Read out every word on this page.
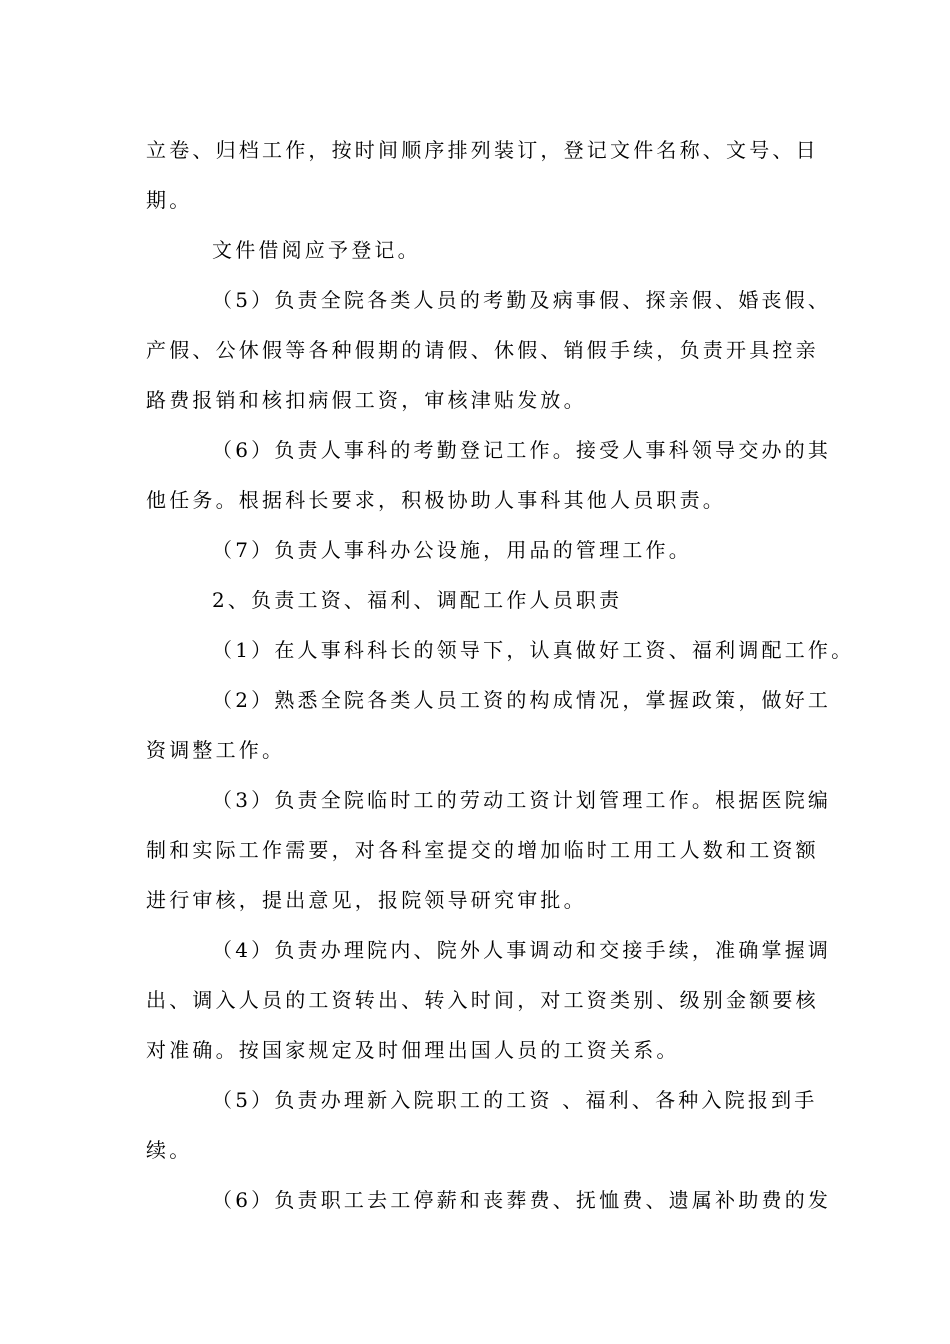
立卷、归档工作，按时间顺序排列装订，登记文件名称、文号、日
期。
文件借阅应予登记。
（5）负责全院各类人员的考勤及病事假、探亲假、婚丧假、
产假、公休假等各种假期的请假、休假、销假手续，负责开具控亲
路费报销和核扣病假工资，审核津贴发放。
（6）负责人事科的考勤登记工作。接受人事科领导交办的其
他任务。根据科长要求，积极协助人事科其他人员职责。
（7）负责人事科办公设施，用品的管理工作。
2、负责工资、福利、调配工作人员职责
（1）在人事科科长的领导下，认真做好工资、福利调配工作。
（2）熟悉全院各类人员工资的构成情况，掌握政策，做好工
资调整工作。
（3）负责全院临时工的劳动工资计划管理工作。根据医院编
制和实际工作需要，对各科室提交的增加临时工用工人数和工资额
进行审核，提出意见，报院领导研究审批。
（4）负责办理院内、院外人事调动和交接手续，准确掌握调
出、调入人员的工资转出、转入时间，对工资类别、级别金额要核
对准确。按国家规定及时佃理出国人员的工资关系。
（5）负责办理新入院职工的工资 、福利、各种入院报到手
续。
（6）负责职工去工停薪和丧葬费、抚恤费、遗属补助费的发
